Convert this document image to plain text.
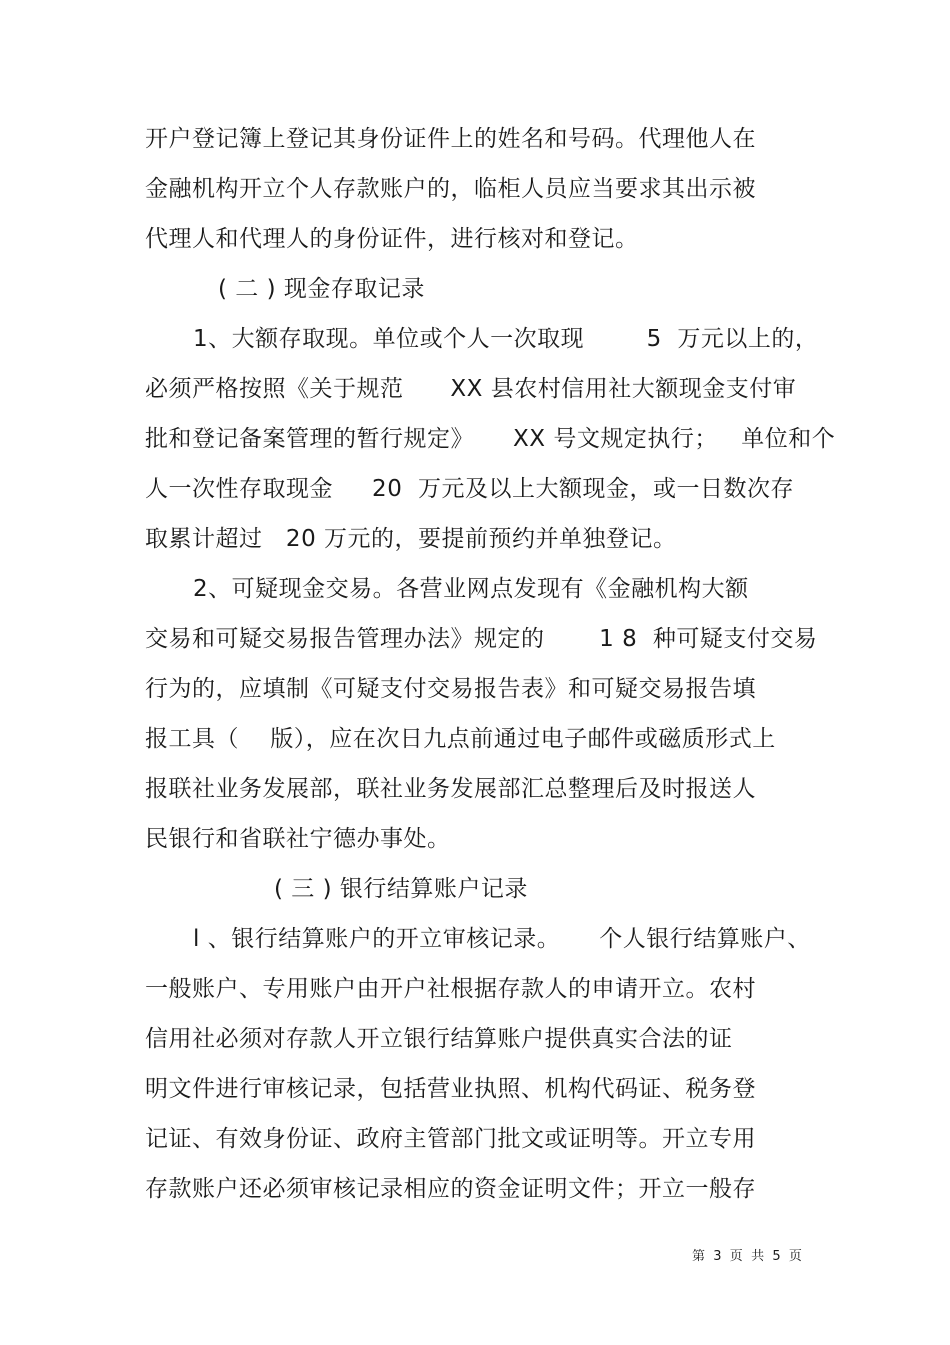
开户登记簿上登记其身份证件上的姓名和号码。代理他人在
金融机构开立个人存款账户的，临柜人员应当要求其出示被
代理人和代理人的身份证件，进行核对和登记。
( 二 ) 现金存取记录
1、大额存取现。单位或个人一次取现        5  万元以上的，
必须严格按照《关于规范      XX 县农村信用社大额现金支付审
批和登记备案管理的暂行规定》     XX 号文规定执行；   单位和个
人一次性存取现金     20  万元及以上大额现金，或一日数次存
取累计超过   20 万元的，要提前预约并单独登记。
2、可疑现金交易。各营业网点发现有《金融机构大额
交易和可疑交易报告管理办法》规定的       1 8  种可疑支付交易
行为的，应填制《可疑支付交易报告表》和可疑交易报告填
报工具（    版），应在次日九点前通过电子邮件或磁质形式上
报联社业务发展部，联社业务发展部汇总整理后及时报送人
民银行和省联社宁德办事处。
( 三 ) 银行结算账户记录
l 、银行结算账户的开立审核记录。     个人银行结算账户、
一般账户、专用账户由开户社根据存款人的申请开立。农村
信用社必须对存款人开立银行结算账户提供真实合法的证
明文件进行审核记录，包括营业执照、机构代码证、税务登
记证、有效身份证、政府主管部门批文或证明等。开立专用
存款账户还必须审核记录相应的资金证明文件；开立一般存
第  3  页  共  5  页
